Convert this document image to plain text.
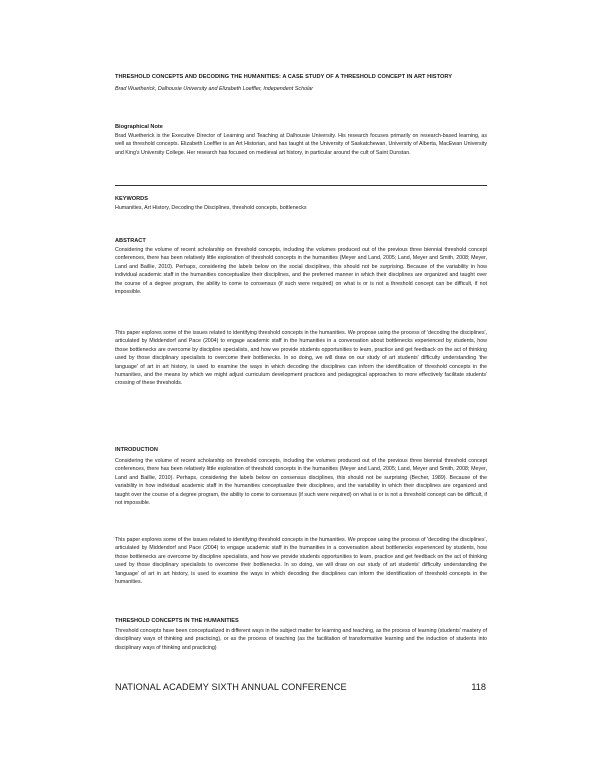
THRESHOLD CONCEPTS AND DECODING THE HUMANITIES: A CASE STUDY OF A THRESHOLD CONCEPT IN ART HISTORY
Brad Wuetherick, Dalhousie University and Elizabeth Loeffler, Independent Scholar
Biographical Note

Brad Wuetherick is the Executive Director of Learning and Teaching at Dalhousie University. His research focuses primarily on research-based learning, as well as threshold concepts. Elizabeth Loeffler is an Art Historian, and has taught at the University of Saskatchewan, University of Alberta, MacEwan University and King's University College. Her research has focused on medieval art history, in particular around the cult of Saint Dunstan.

KEYWORDS

Humanities, Art History, Decoding the Disciplines, threshold concepts, bottlenecks

ABSTRACT

Considering the volume of recent scholarship on threshold concepts, including the volumes produced out of the previous three biennial threshold concept conferences, there has been relatively little exploration of threshold concepts in the humanities (Meyer and Land, 2005; Land, Meyer and Smith, 2008; Meyer, Land and Baillie, 2010). Perhaps, considering the labels below on the social disciplines, this should not be surprising. Because of the variability in how individual academic staff in the humanities conceptualize their disciplines, and the preferred manner in which their disciplines are organized and taught over the course of a degree program, the ability to come to consensus (if such were required) on what is or is not a threshold concept can be difficult, if not impossible.

This paper explores some of the issues related to identifying threshold concepts in the humanities. We propose using the process of 'decoding the disciplines', articulated by Middendorf and Pace (2004) to engage academic staff in the humanities in a conversation about bottlenecks experienced by students, how those bottlenecks are overcome by discipline specialists, and how we provide students opportunities to learn, practice and get feedback on the act of thinking used by those disciplinary specialists to overcome their bottlenecks. In so doing, we will draw on our study of art students' difficulty understanding 'the language' of art in art history, is used to examine the ways in which decoding the disciplines can inform the identification of threshold concepts in the humanities, and the means by which we might adjust curriculum development practices and pedagogical approaches to more effectively facilitate students' crossing of these thresholds.

INTRODUCTION

Considering the volume of recent scholarship on threshold concepts, including the volumes produced out of the previous three biennial threshold concept conferences, there has been relatively little exploration of threshold concepts in the humanities (Meyer and Land, 2005; Land, Meyer and Smith, 2008; Meyer, Land and Baillie, 2010). Perhaps, considering the labels below on consensus disciplines, this should not be surprising (Becher, 1989). Because of the variability in how individual academic staff in the humanities conceptualize their disciplines, and the variability in which their disciplines are organized and taught over the course of a degree program, the ability to come to consensus (if such were required) on what is or is not a threshold concept can be difficult, if not impossible.

This paper explores some of the issues related to identifying threshold concepts in the humanities. We propose using the process of 'decoding the disciplines', articulated by Middendorf and Pace (2004) to engage academic staff in the humanities in a conversation about bottlenecks experienced by students, how those bottlenecks are overcome by discipline specialists, and how we provide students opportunities to learn, practice and get feedback on the act of thinking used by those disciplinary specialists to overcome their bottlenecks. In so doing, we will draw on our study of art students' difficulty understanding the 'language' of art in art history, is used to examine the ways in which decoding the disciplines can inform the identification of threshold concepts in the humanities.

THRESHOLD CONCEPTS IN THE HUMANITIES

Threshold concepts have been conceptualized in different ways in the subject matter for learning and teaching, as the process of learning (students' mastery of disciplinary ways of thinking and practicing), or as the process of teaching (as the facilitation of transformative learning and the induction of students into disciplinary ways of thinking and practicing)

NATIONAL ACADEMY SIXTH ANNUAL CONFERENCE	118
